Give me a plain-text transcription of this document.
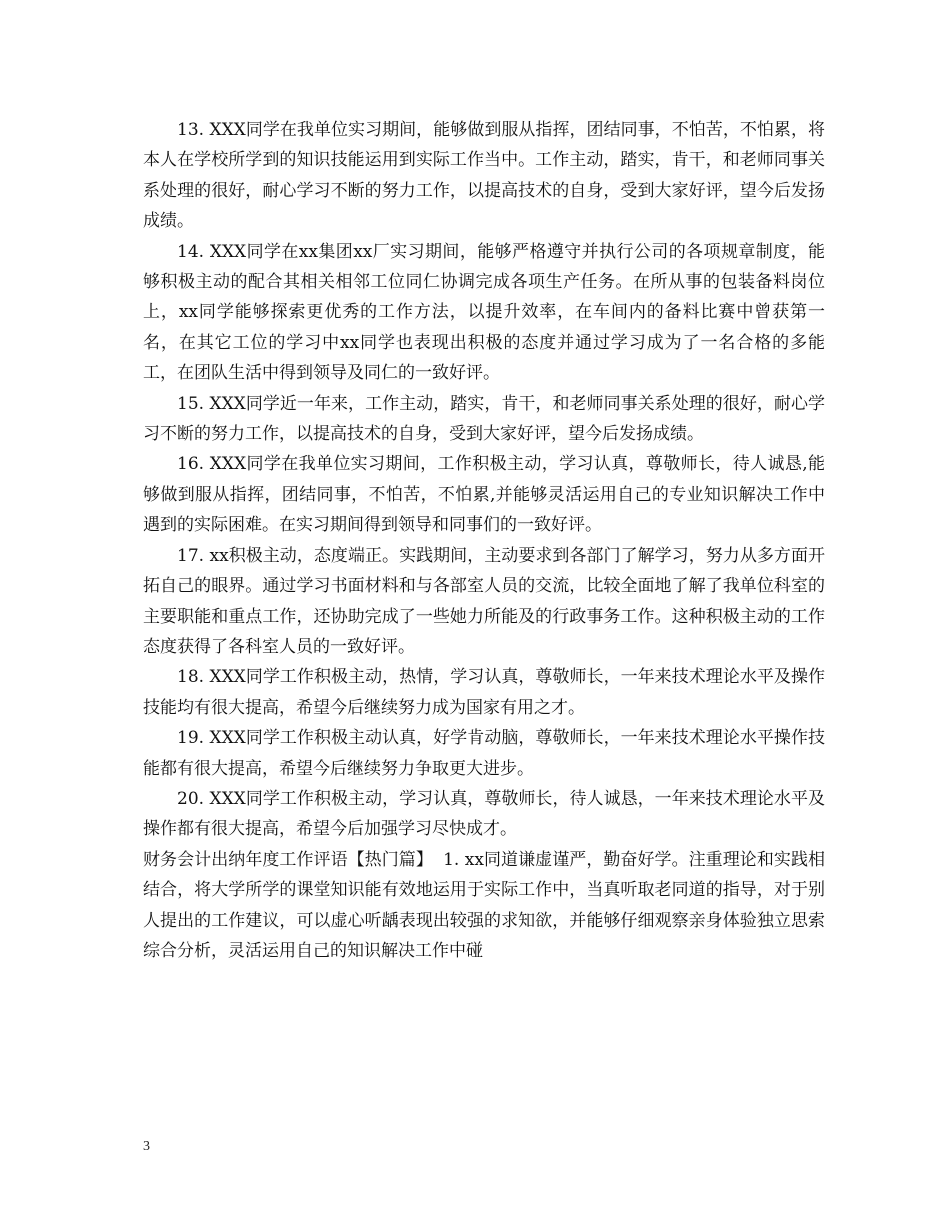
13. XXX同学在我单位实习期间，能够做到服从指挥，团结同事，不怕苦，不怕累，将本人在学校所学到的知识技能运用到实际工作当中。工作主动，踏实，肯干，和老师同事关系处理的很好，耐心学习不断的努力工作，以提高技术的自身，受到大家好评，望今后发扬成绩。

14. XXX同学在xx集团xx厂实习期间，能够严格遵守并执行公司的各项规章制度，能够积极主动的配合其相关相邻工位同仁协调完成各项生产任务。在所从事的包装备料岗位上，xx同学能够探索更优秀的工作方法，以提升效率，在车间内的备料比赛中曾获第一名，在其它工位的学习中xx同学也表现出积极的态度并通过学习成为了一名合格的多能工，在团队生活中得到领导及同仁的一致好评。

15. XXX同学近一年来，工作主动，踏实，肯干，和老师同事关系处理的很好，耐心学习不断的努力工作，以提高技术的自身，受到大家好评，望今后发扬成绩。

16. XXX同学在我单位实习期间，工作积极主动，学习认真，尊敬师长，待人诚恳,能够做到服从指挥，团结同事，不怕苦，不怕累,并能够灵活运用自己的专业知识解决工作中遇到的实际困难。在实习期间得到领导和同事们的一致好评。

17. xx积极主动，态度端正。实践期间，主动要求到各部门了解学习，努力从多方面开拓自己的眼界。通过学习书面材料和与各部室人员的交流，比较全面地了解了我单位科室的主要职能和重点工作，还协助完成了一些她力所能及的行政事务工作。这种积极主动的工作态度获得了各科室人员的一致好评。

18. XXX同学工作积极主动，热情，学习认真，尊敬师长，一年来技术理论水平及操作技能均有很大提高，希望今后继续努力成为国家有用之才。

19. XXX同学工作积极主动认真，好学肯动脑，尊敬师长，一年来技术理论水平操作技能都有很大提高，希望今后继续努力争取更大进步。

20. XXX同学工作积极主动，学习认真，尊敬师长，待人诚恳，一年来技术理论水平及操作都有很大提高，希望今后加强学习尽快成才。

财务会计出纳年度工作评语【热门篇】 1. xx同道谦虚谨严，勤奋好学。注重理论和实践相结合，将大学所学的课堂知识能有效地运用于实际工作中，当真听取老同道的指导，对于别人提出的工作建议，可以虚心听龋表现出较强的求知欲，并能够仔细观察亲身体验独立思索综合分析，灵活运用自己的知识解决工作中碰

3
